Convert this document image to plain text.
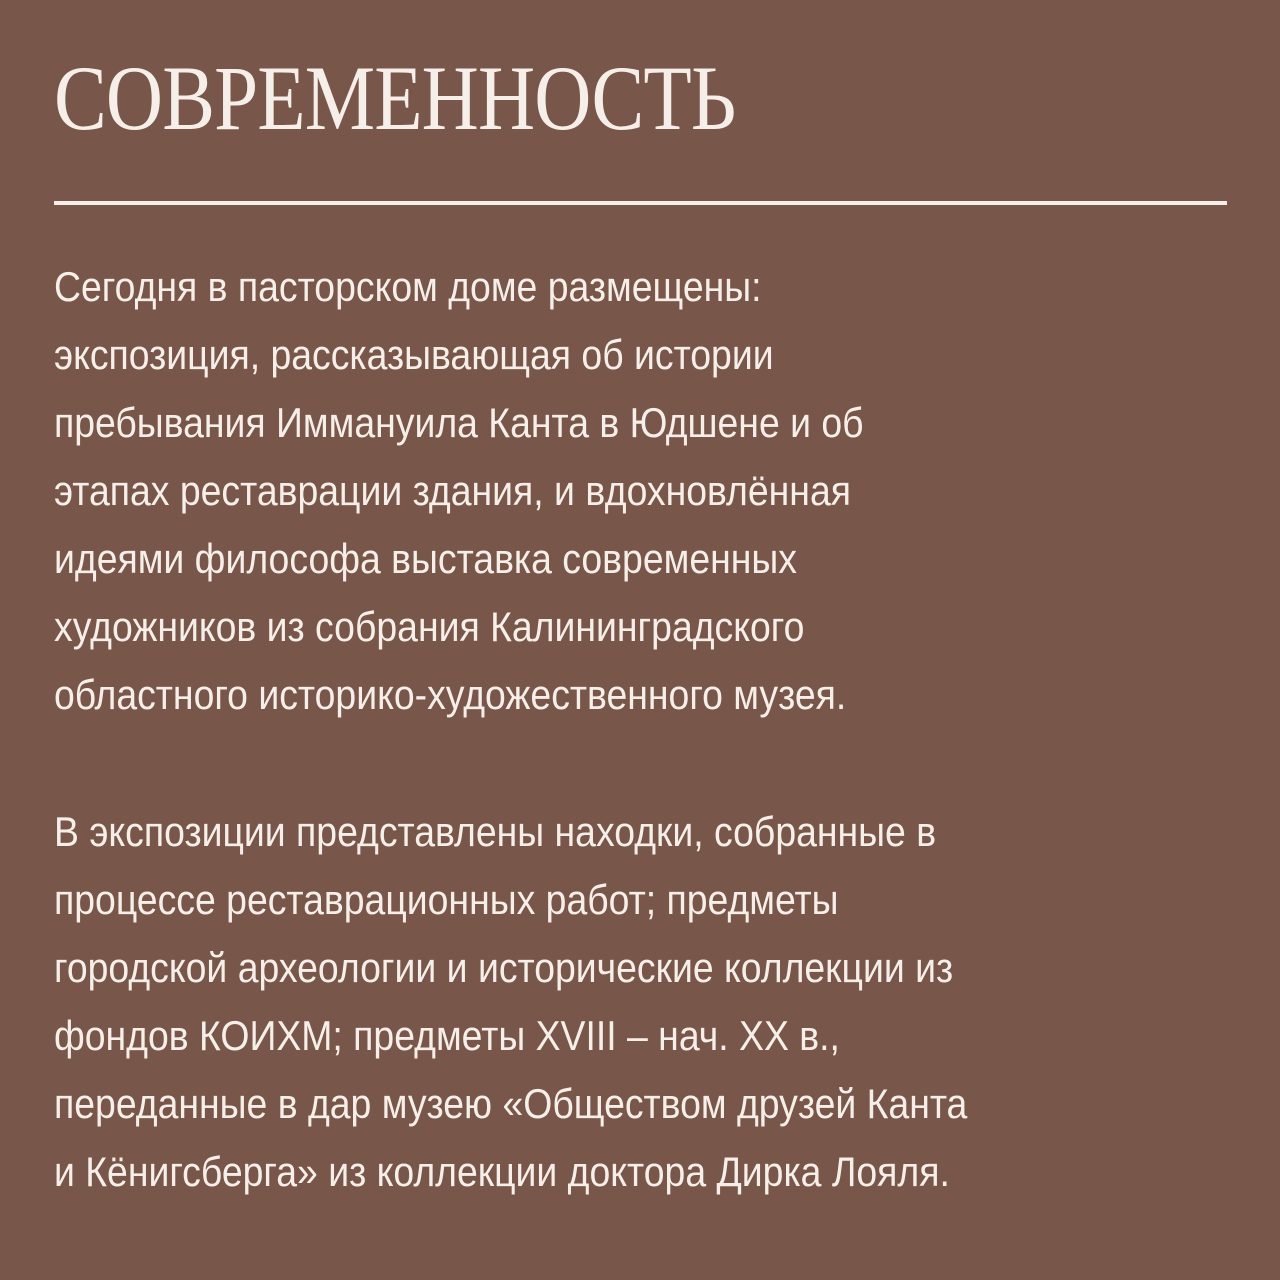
СОВРЕМЕННОСТЬ

Сегодня в пасторском доме размещены:
экспозиция, рассказывающая об истории
пребывания Иммануила Канта в Юдшене и об
этапах реставрации здания, и вдохновлённая
идеями философа выставка современных
художников из собрания Калининградского
областного историко-художественного музея.

В экспозиции представлены находки, собранные в
процессе реставрационных работ; предметы
городской археологии и исторические коллекции из
фондов КОИХМ; предметы XVIII – нач. XX в.,
переданные в дар музею «Обществом друзей Канта
и Кёнигсберга» из коллекции доктора Дирка Лояля.
